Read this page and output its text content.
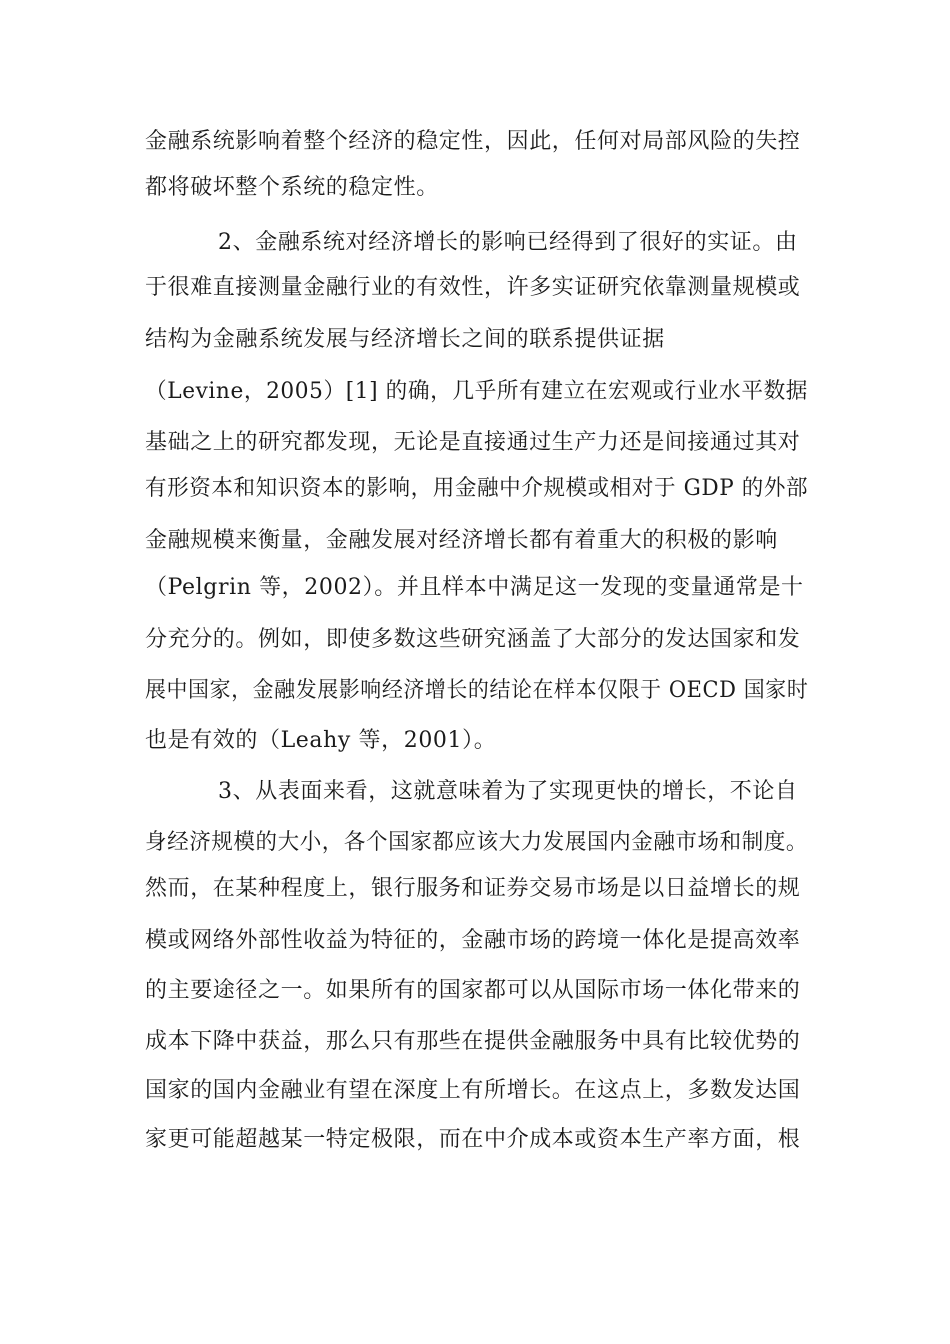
金融系统影响着整个经济的稳定性，因此，任何对局部风险的失控
都将破坏整个系统的稳定性。
2、金融系统对经济增长的影响已经得到了很好的实证。由
于很难直接测量金融行业的有效性，许多实证研究依靠测量规模或
结构为金融系统发展与经济增长之间的联系提供证据
（Levine，2005）[1] 的确，几乎所有建立在宏观或行业水平数据
基础之上的研究都发现，无论是直接通过生产力还是间接通过其对
有形资本和知识资本的影响，用金融中介规模或相对于 GDP 的外部
金融规模来衡量，金融发展对经济增长都有着重大的积极的影响
（Pelgrin 等，2002）。并且样本中满足这一发现的变量通常是十
分充分的。例如，即使多数这些研究涵盖了大部分的发达国家和发
展中国家，金融发展影响经济增长的结论在样本仅限于 OECD 国家时
也是有效的（Leahy 等，2001）。
3、从表面来看，这就意味着为了实现更快的增长，不论自
身经济规模的大小，各个国家都应该大力发展国内金融市场和制度。
然而，在某种程度上，银行服务和证券交易市场是以日益增长的规
模或网络外部性收益为特征的，金融市场的跨境一体化是提高效率
的主要途径之一。如果所有的国家都可以从国际市场一体化带来的
成本下降中获益，那么只有那些在提供金融服务中具有比较优势的
国家的国内金融业有望在深度上有所增长。在这点上，多数发达国
家更可能超越某一特定极限，而在中介成本或资本生产率方面，根
